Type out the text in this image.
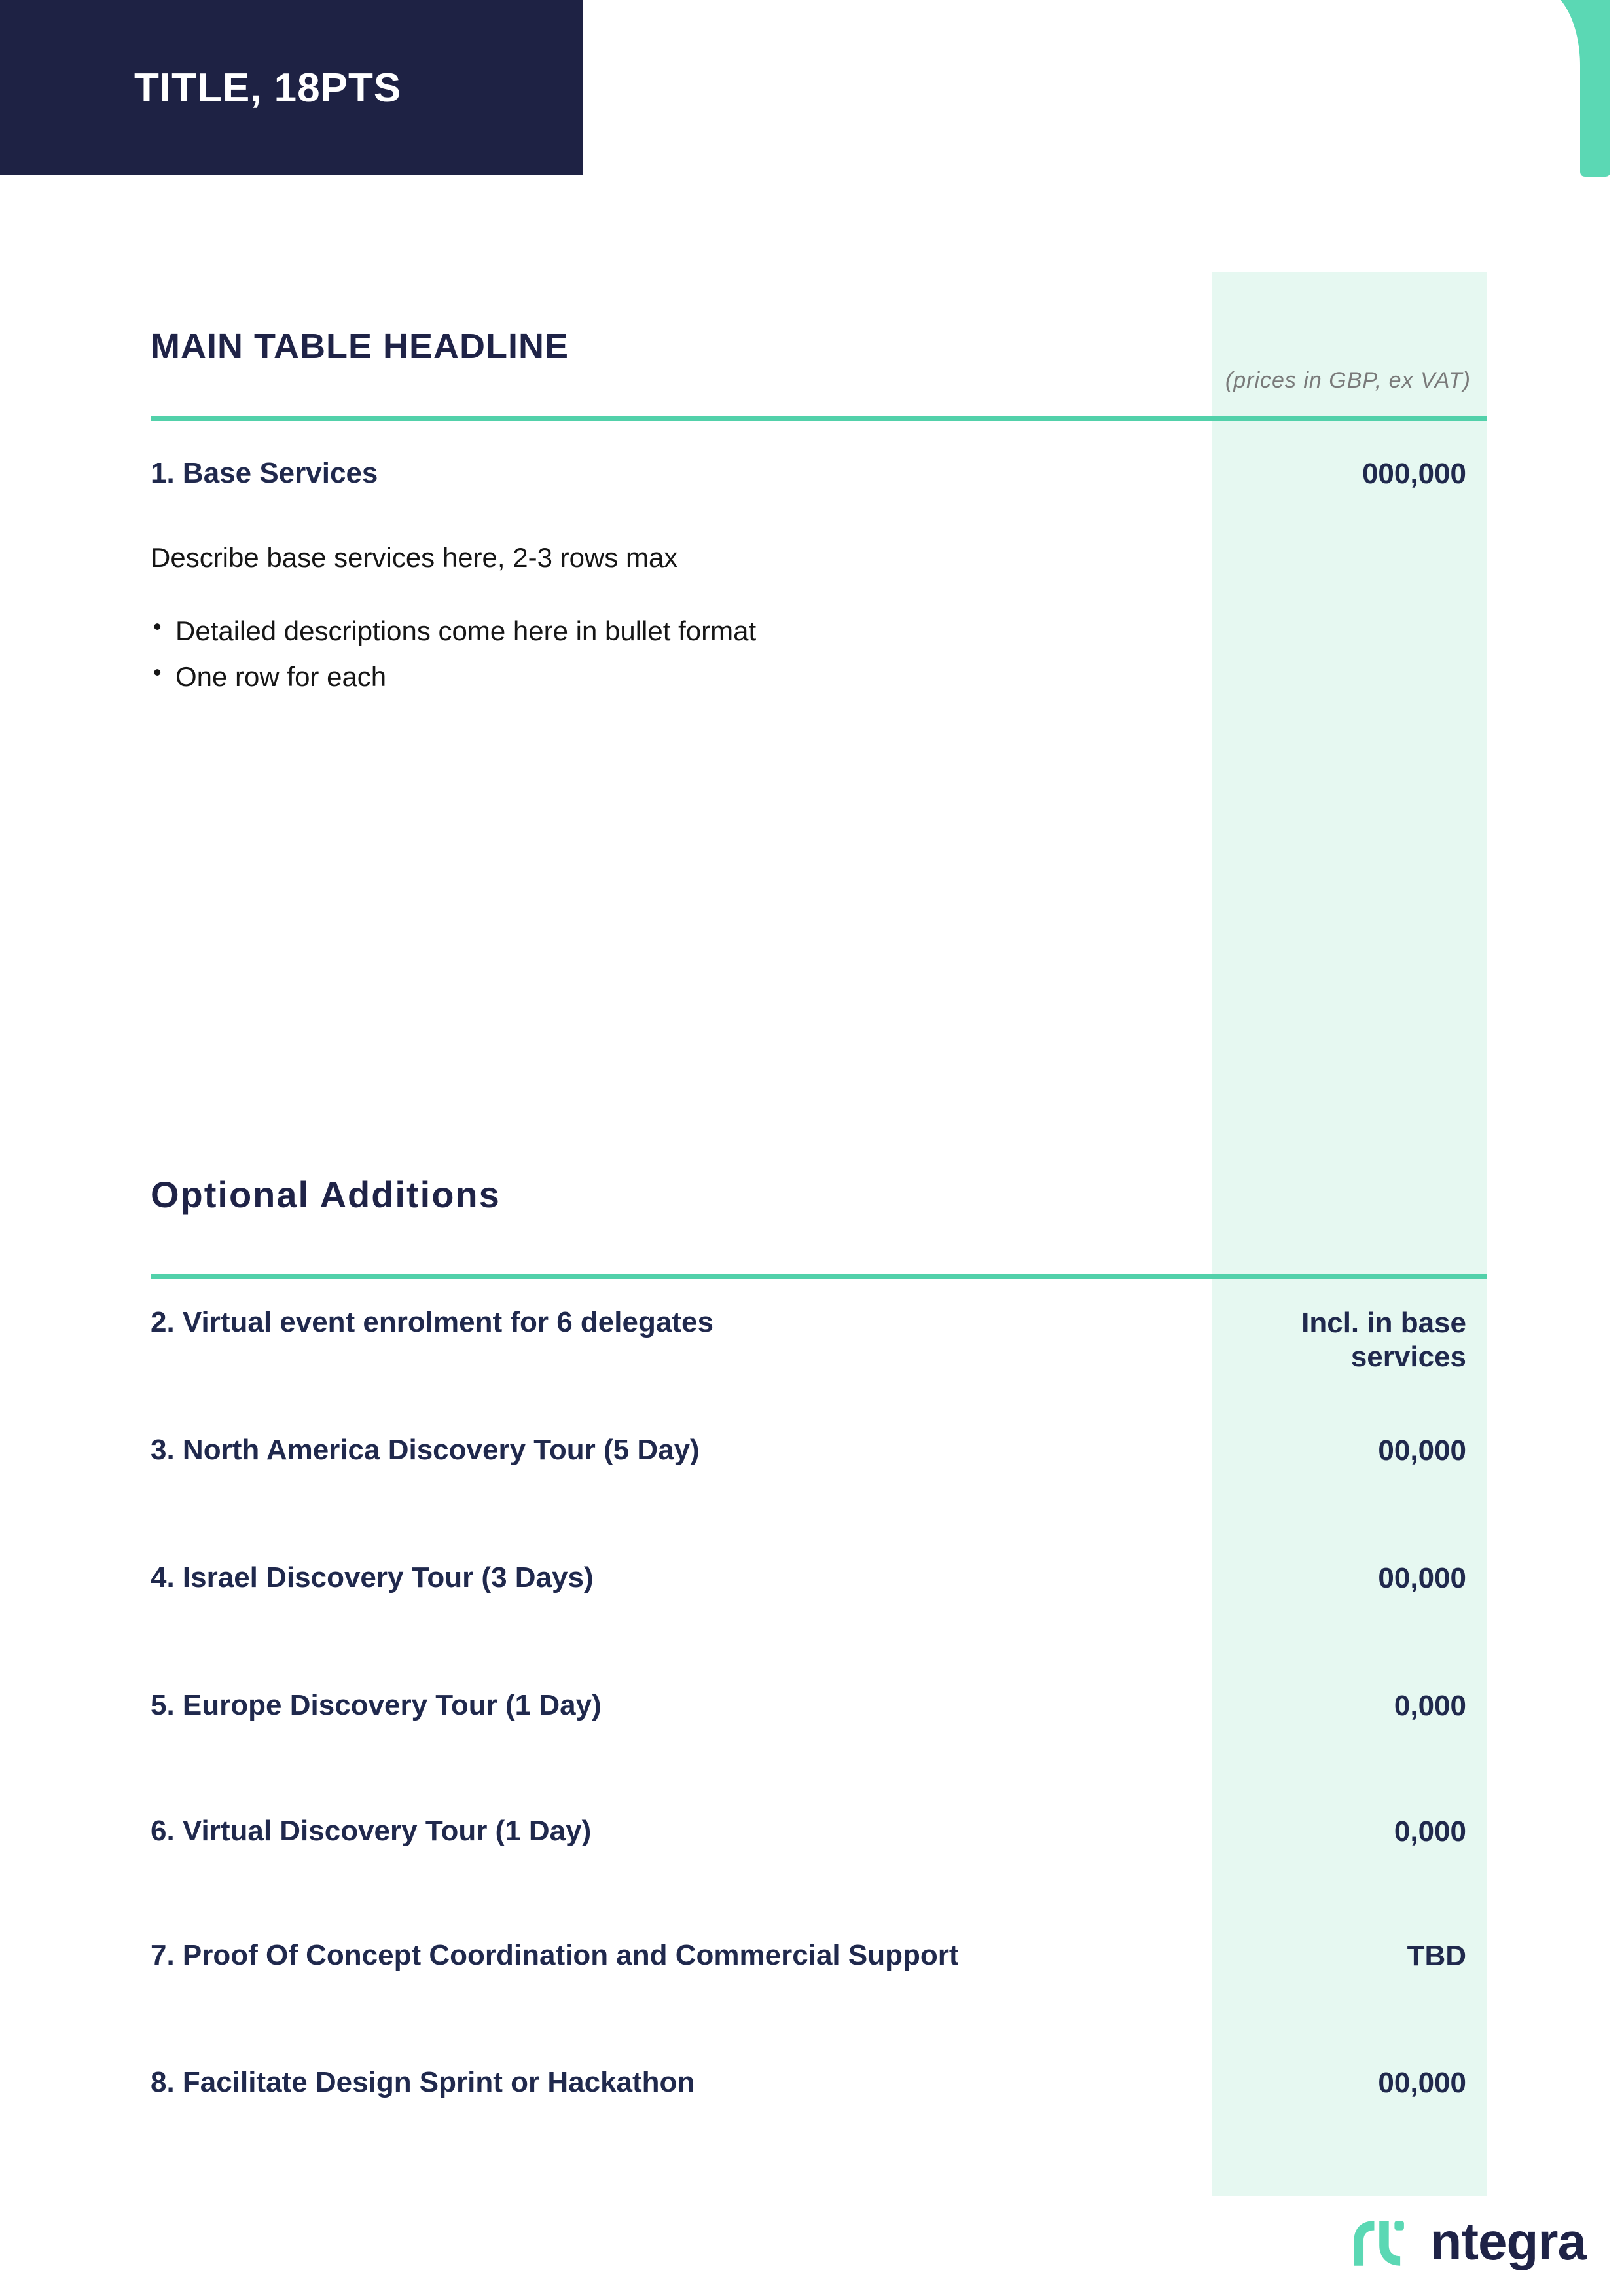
TITLE, 18PTS
MAIN TABLE HEADLINE
(prices in GBP, ex VAT)
1. Base Services	000,000
Describe base services here, 2-3 rows max
• Detailed descriptions come here in bullet format
• One row for each
Optional Additions
2. Virtual event enrolment for 6 delegates	Incl. in base services
3. North America Discovery Tour (5 Day)	00,000
4. Israel Discovery Tour (3 Days)	00,000
5. Europe Discovery Tour (1 Day)	0,000
6. Virtual Discovery Tour (1 Day)	0,000
7. Proof Of Concept Coordination and Commercial Support	TBD
8. Facilitate Design Sprint or Hackathon	00,000
ntegra
